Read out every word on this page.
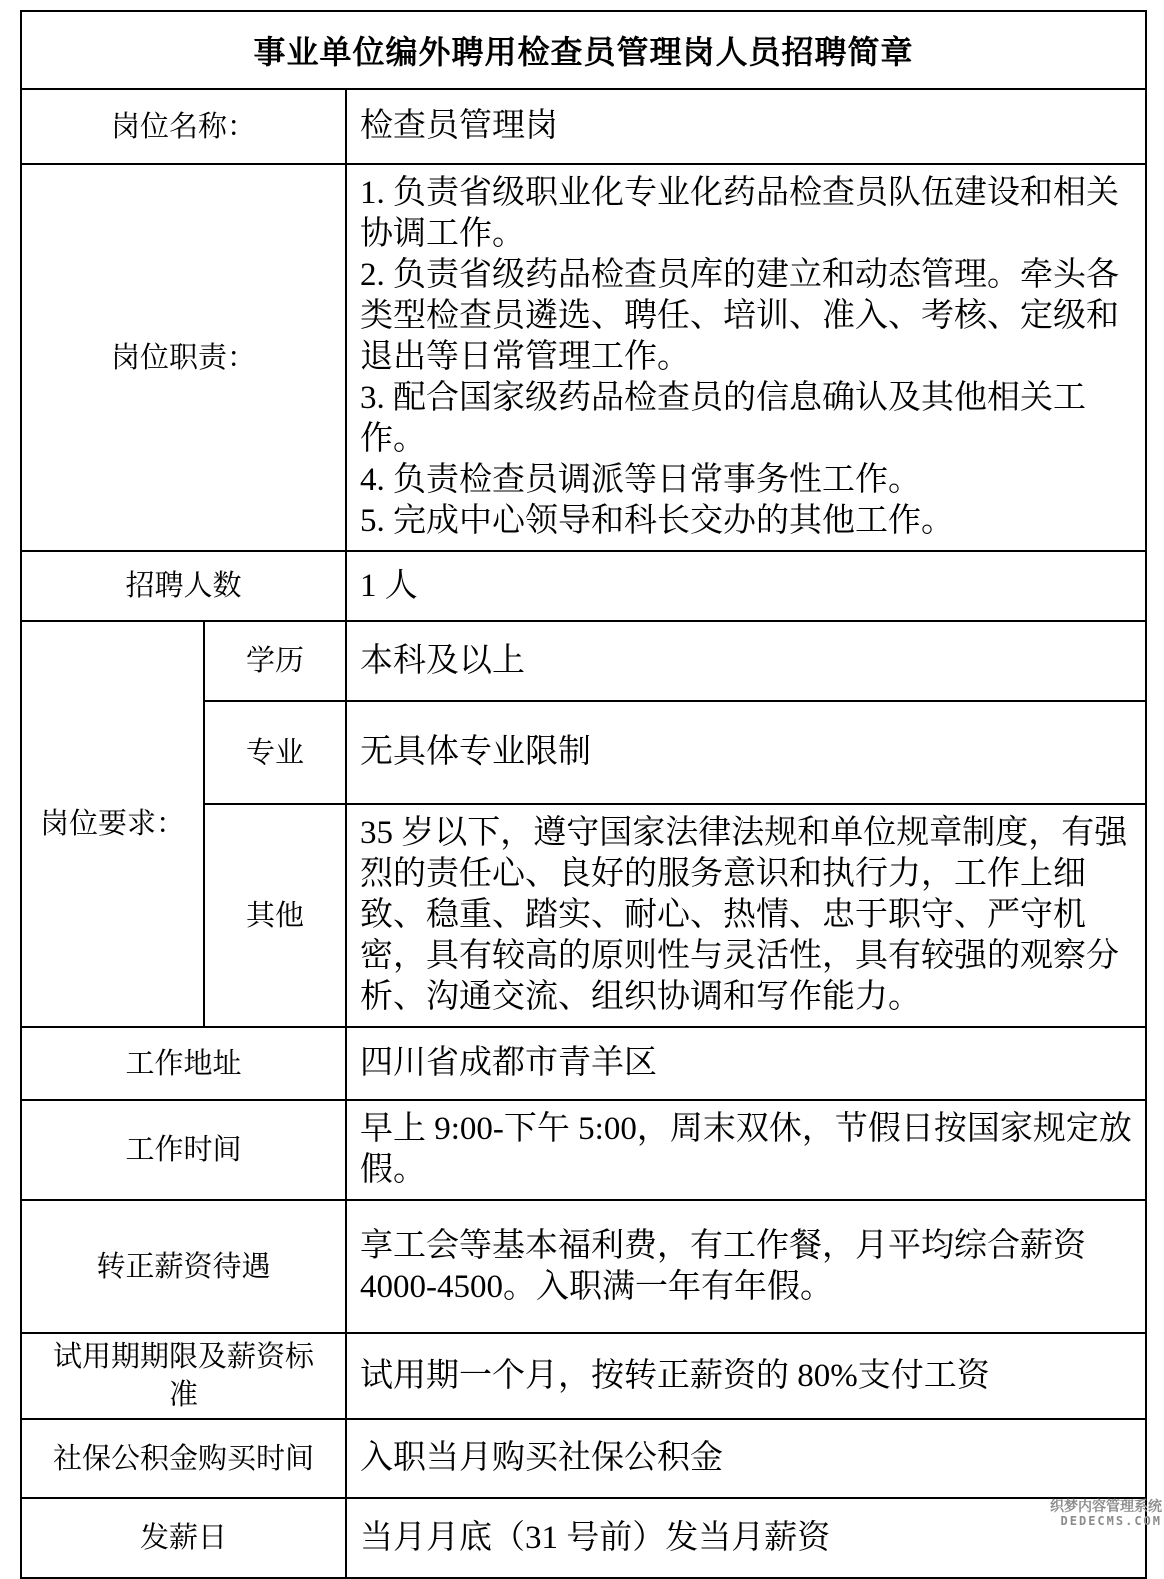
事业单位编外聘用检查员管理岗人员招聘简章		
岗位名称：		检查员管理岗
岗位职责：		1. 负责省级职业化专业化药品检查员队伍建设和相关协调工作。
2. 负责省级药品检查员库的建立和动态管理。牵头各类型检查员遴选、聘任、培训、准入、考核、定级和退出等日常管理工作。
3. 配合国家级药品检查员的信息确认及其他相关工作。
4. 负责检查员调派等日常事务性工作。
5. 完成中心领导和科长交办的其他工作。

招聘人数		1 人
岗位要求：	学历	本科及以上
	专业	无具体专业限制
	其他	35 岁以下，遵守国家法律法规和单位规章制度，有强烈的责任心、良好的服务意识和执行力，工作上细致、稳重、踏实、耐心、热情、忠于职守、严守机密，具有较高的原则性与灵活性，具有较强的观察分析、沟通交流、组织协调和写作能力。
工作地址		四川省成都市青羊区
工作时间		早上 9:00-下午 5:00，周末双休，节假日按国家规定放假。
转正薪资待遇		享工会等基本福利费，有工作餐，月平均综合薪资 4000-4500。入职满一年有年假。
试用期期限及薪资标准		试用期一个月，按转正薪资的 80%支付工资
社保公积金购买时间		入职当月购买社保公积金
发薪日		当月月底（31 号前）发当月薪资
织梦内容管理系统
DEDECMS.COM
